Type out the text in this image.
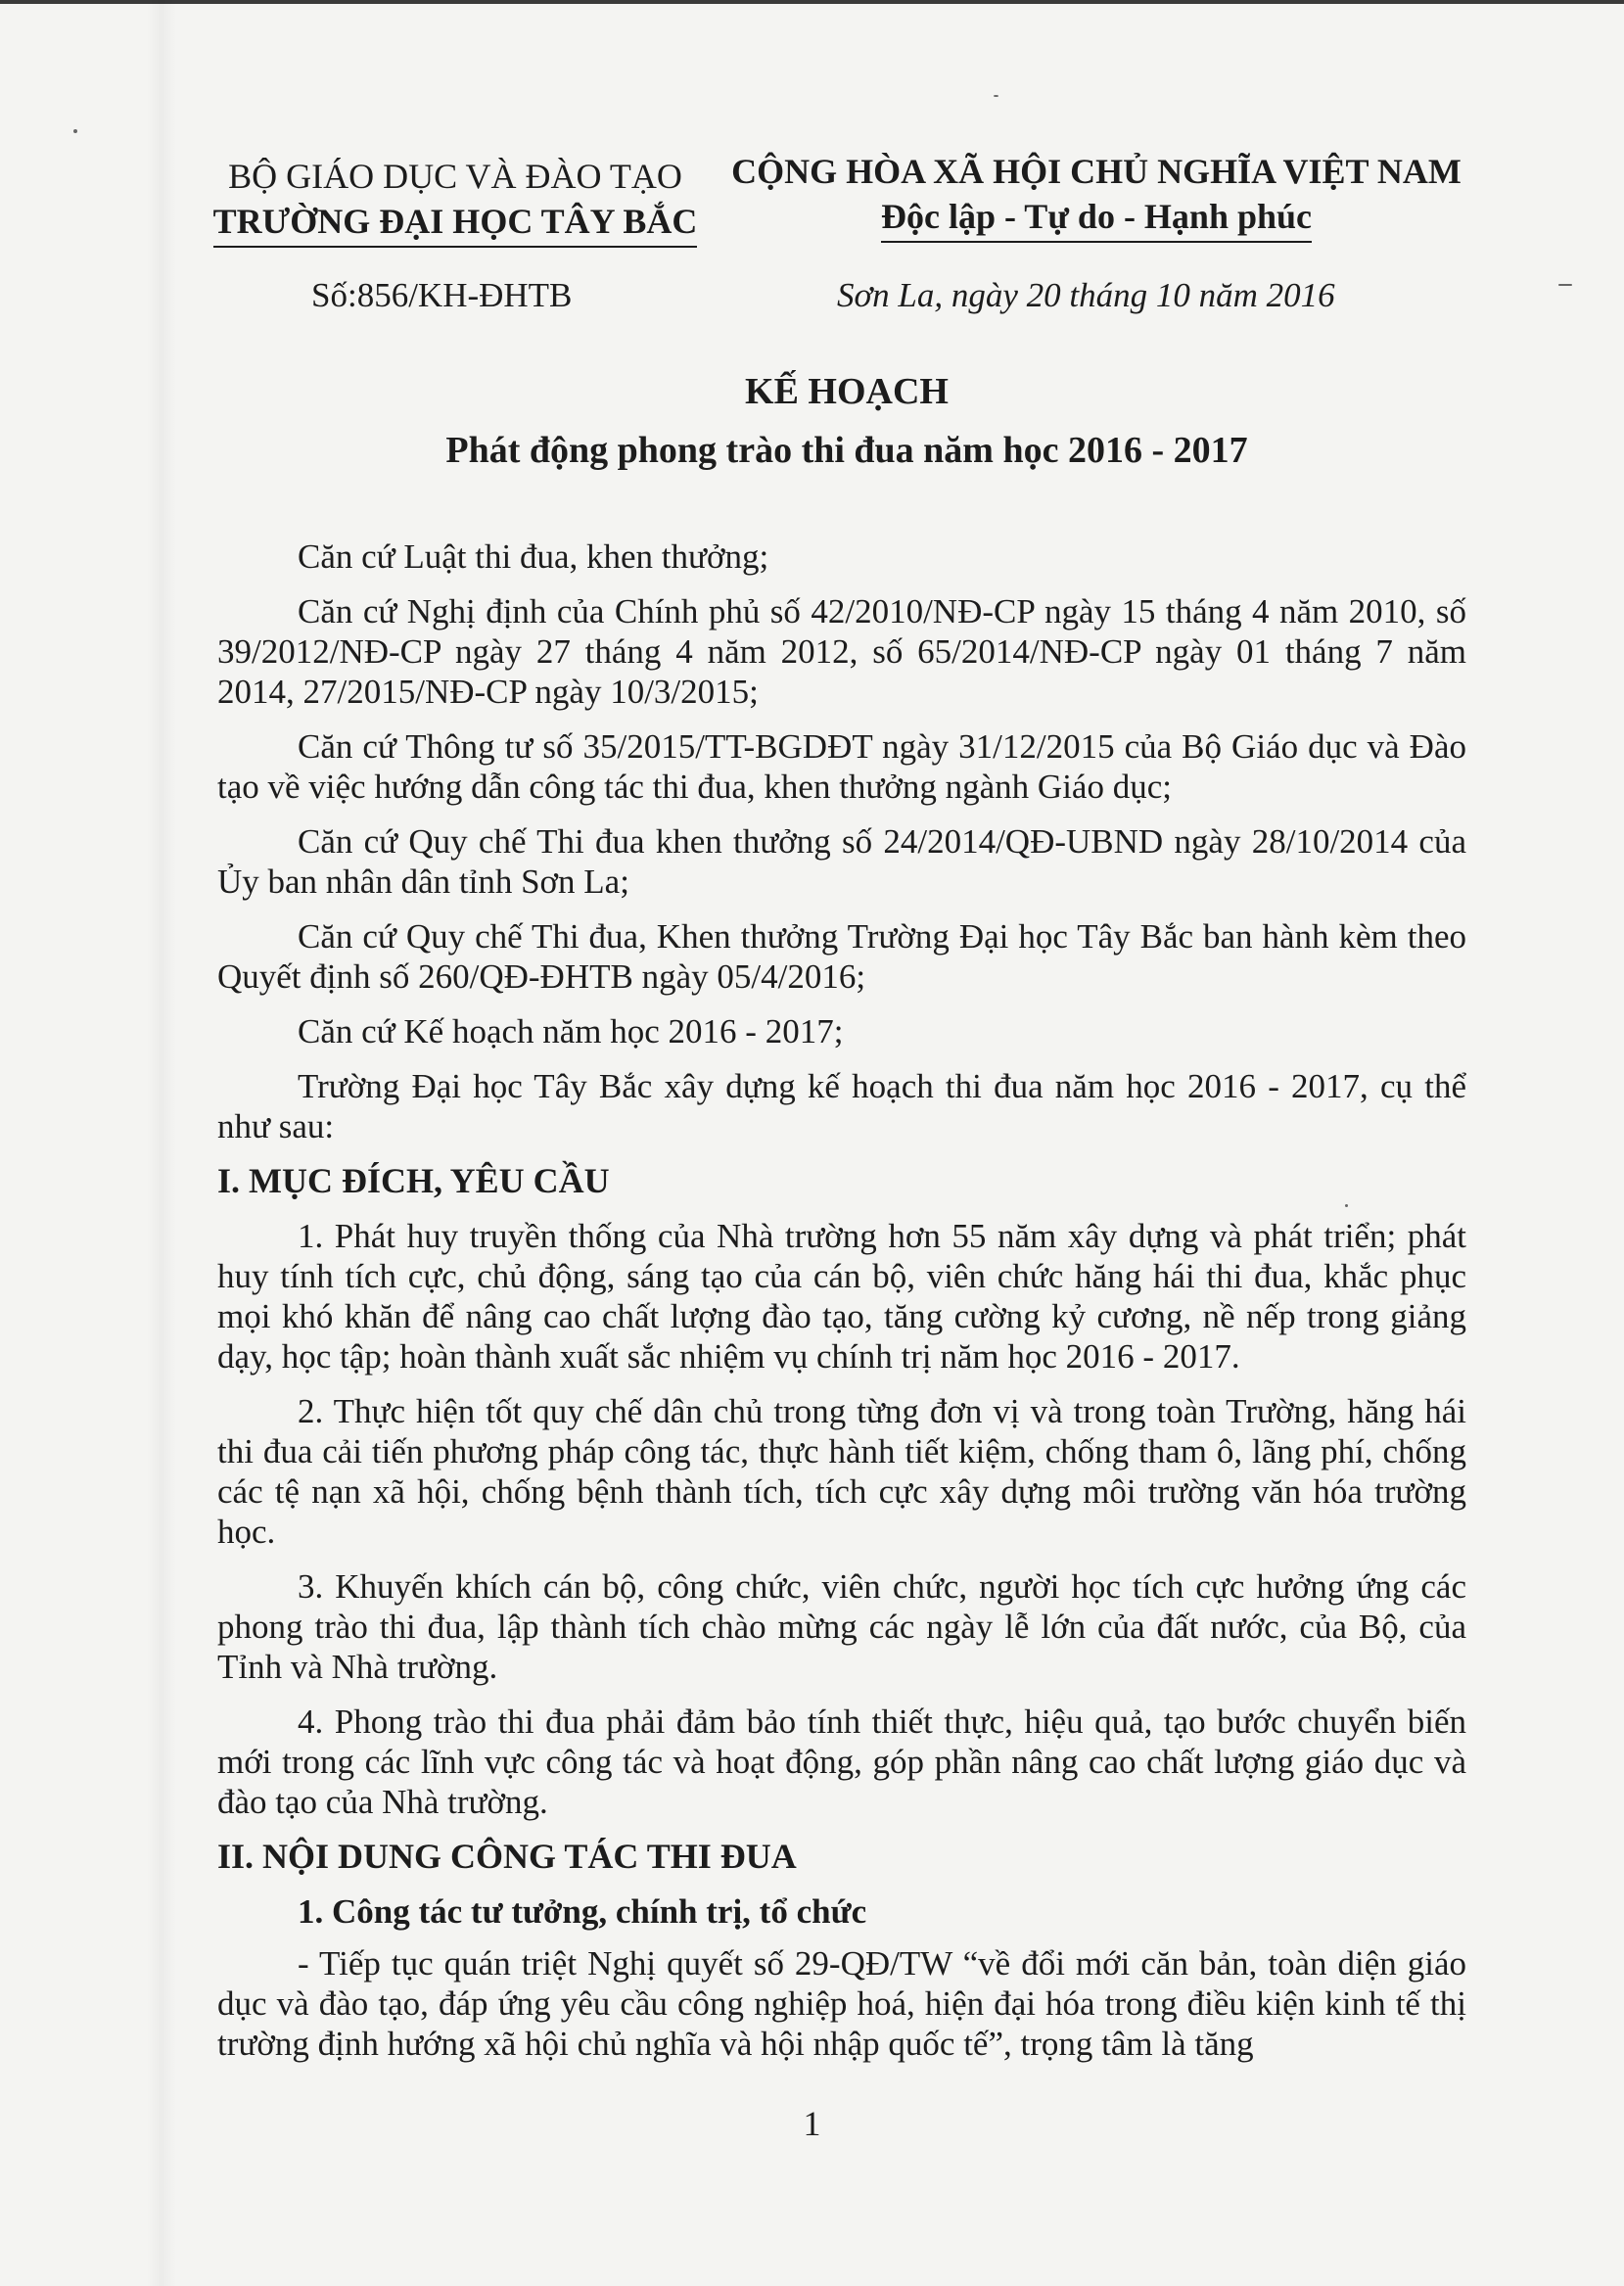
BỘ GIÁO DỤC VÀ ĐÀO TẠO
TRƯỜNG ĐẠI HỌC TÂY BẮC
CỘNG HÒA XÃ HỘI CHỦ NGHĨA VIỆT NAM
Độc lập - Tự do - Hạnh phúc
Số:856/KH-ĐHTB	Sơn La, ngày 20 tháng 10 năm 2016
KẾ HOẠCH
Phát động phong trào thi đua năm học 2016 - 2017

Căn cứ Luật thi đua, khen thưởng;

Căn cứ Nghị định của Chính phủ số 42/2010/NĐ-CP ngày 15 tháng 4 năm 2010, số 39/2012/NĐ-CP ngày 27 tháng 4 năm 2012, số 65/2014/NĐ-CP ngày 01 tháng 7 năm 2014, 27/2015/NĐ-CP ngày 10/3/2015;

Căn cứ Thông tư số 35/2015/TT-BGDĐT ngày 31/12/2015 của Bộ Giáo dục và Đào tạo về việc hướng dẫn công tác thi đua, khen thưởng ngành Giáo dục;

Căn cứ Quy chế Thi đua khen thưởng số 24/2014/QĐ-UBND ngày 28/10/2014 của Ủy ban nhân dân tỉnh Sơn La;

Căn cứ Quy chế Thi đua, Khen thưởng Trường Đại học Tây Bắc ban hành kèm theo Quyết định số 260/QĐ-ĐHTB ngày 05/4/2016;

Căn cứ Kế hoạch năm học 2016 - 2017;

Trường Đại học Tây Bắc xây dựng kế hoạch thi đua năm học 2016 - 2017, cụ thể như sau:

I. MỤC ĐÍCH, YÊU CẦU

1. Phát huy truyền thống của Nhà trường hơn 55 năm xây dựng và phát triển; phát huy tính tích cực, chủ động, sáng tạo của cán bộ, viên chức hăng hái thi đua, khắc phục mọi khó khăn để nâng cao chất lượng đào tạo, tăng cường kỷ cương, nề nếp trong giảng dạy, học tập; hoàn thành xuất sắc nhiệm vụ chính trị năm học 2016 - 2017.

2. Thực hiện tốt quy chế dân chủ trong từng đơn vị và trong toàn Trường, hăng hái thi đua cải tiến phương pháp công tác, thực hành tiết kiệm, chống tham ô, lãng phí, chống các tệ nạn xã hội, chống bệnh thành tích, tích cực xây dựng môi trường văn hóa trường học.

3. Khuyến khích cán bộ, công chức, viên chức, người học tích cực hưởng ứng các phong trào thi đua, lập thành tích chào mừng các ngày lễ lớn của đất nước, của Bộ, của Tỉnh và Nhà trường.

4. Phong trào thi đua phải đảm bảo tính thiết thực, hiệu quả, tạo bước chuyển biến mới trong các lĩnh vực công tác và hoạt động, góp phần nâng cao chất lượng giáo dục và đào tạo của Nhà trường.

II. NỘI DUNG CÔNG TÁC THI ĐUA
1. Công tác tư tưởng, chính trị, tổ chức

- Tiếp tục quán triệt Nghị quyết số 29-QĐ/TW “về đổi mới căn bản, toàn diện giáo dục và đào tạo, đáp ứng yêu cầu công nghiệp hoá, hiện đại hóa trong điều kiện kinh tế thị trường định hướng xã hội chủ nghĩa và hội nhập quốc tế”, trọng tâm là tăng

1
